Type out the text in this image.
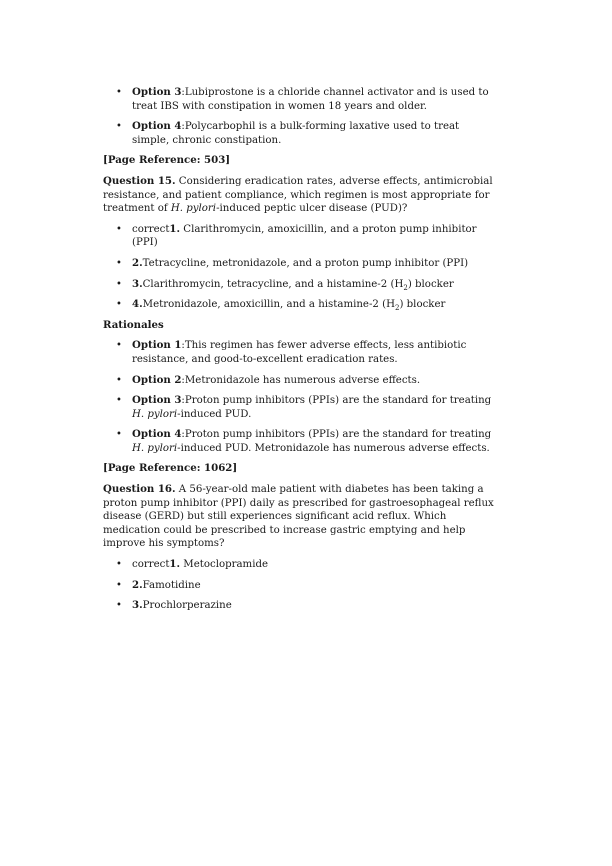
• Option 3:Lubiprostone is a chloride channel activator and is used to treat IBS with constipation in women 18 years and older.
• Option 4:Polycarbophil is a bulk-forming laxative used to treat simple, chronic constipation.

[Page Reference: 503]

Question 15. Considering eradication rates, adverse effects, antimicrobial resistance, and patient compliance, which regimen is most appropriate for treatment of H. pylori-induced peptic ulcer disease (PUD)?

• correct1. Clarithromycin, amoxicillin, and a proton pump inhibitor (PPI)
• 2.Tetracycline, metronidazole, and a proton pump inhibitor (PPI)
• 3.Clarithromycin, tetracycline, and a histamine-2 $(H_2)$ blocker
• 4.Metronidazole, amoxicillin, and a histamine-2 $(H_2)$ blocker

Rationales

• Option 1:This regimen has fewer adverse effects, less antibiotic resistance, and good-to-excellent eradication rates.
• Option 2:Metronidazole has numerous adverse effects.
• Option 3:Proton pump inhibitors (PPIs) are the standard for treating H. pylori-induced PUD.
• Option 4:Proton pump inhibitors (PPIs) are the standard for treating H. pylori-induced PUD. Metronidazole has numerous adverse effects.

[Page Reference: 1062]

Question 16. A 56-year-old male patient with diabetes has been taking a proton pump inhibitor (PPI) daily as prescribed for gastroesophageal reflux disease (GERD) but still experiences significant acid reflux. Which medication could be prescribed to increase gastric emptying and help improve his symptoms?

• correct1. Metoclopramide
• 2.Famotidine
• 3.Prochlorperazine
